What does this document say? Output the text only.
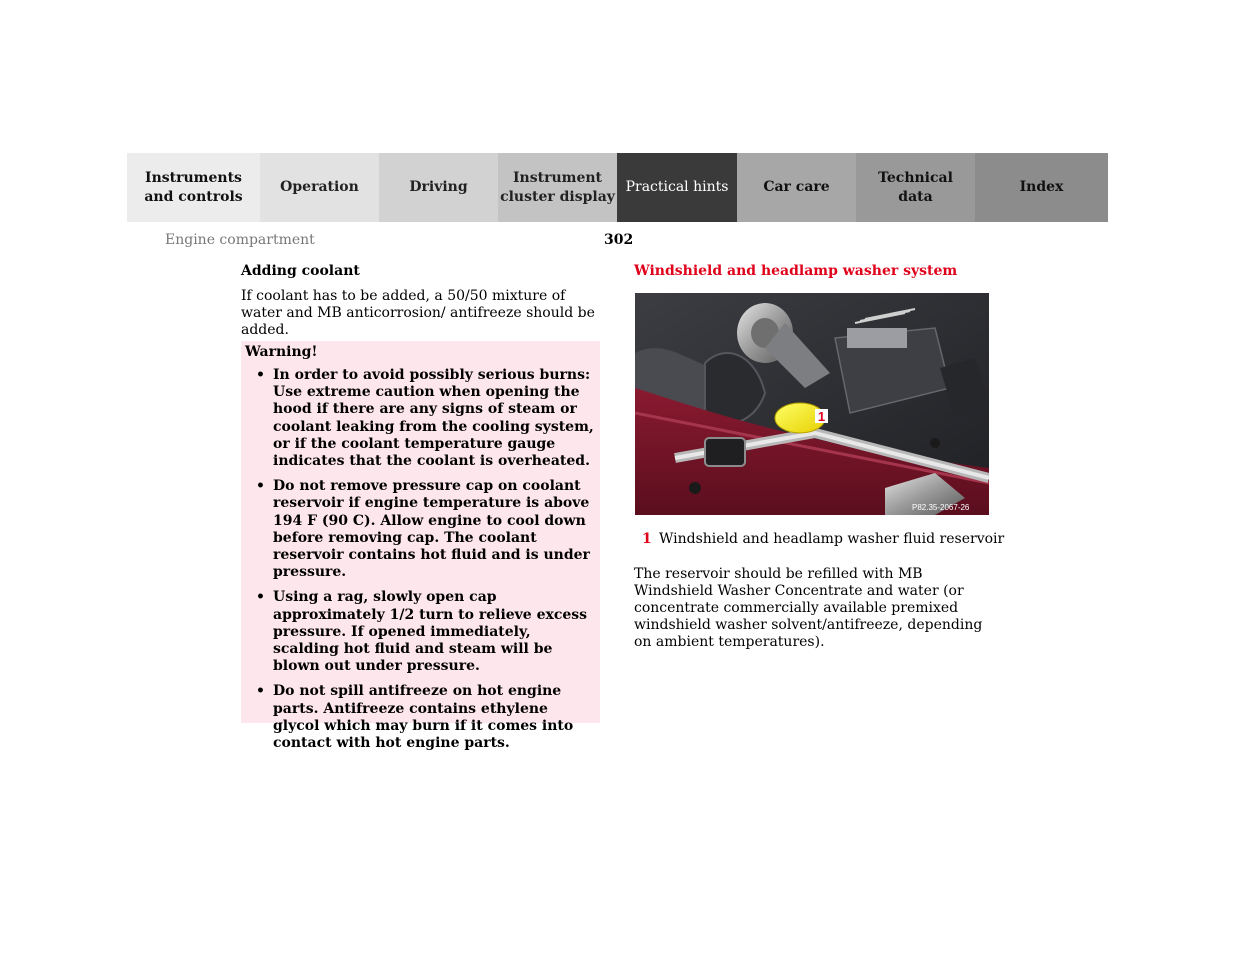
Instruments
and controls
Operation	Driving
Instrument
cluster display
Practical hints	Car care
Technical
data
Index
Engine compartment	302
Adding coolant
If coolant has to be added, a 50/50 mixture of water and MB anticorrosion/ antifreeze should be added.
Warning!
• In order to avoid possibly serious burns:
Use extreme caution when opening the hood if there are any signs of steam or coolant leaking from the cooling system, or if the coolant temperature gauge indicates that the coolant is overheated.
• Do not remove pressure cap on coolant reservoir if engine temperature is above 194 F (90 C). Allow engine to cool down before removing cap. The coolant reservoir contains hot fluid and is under pressure.
• Using a rag, slowly open cap approximately 1/2 turn to relieve excess pressure. If opened immediately, scalding hot fluid and steam will be blown out under pressure.
• Do not spill antifreeze on hot engine parts. Antifreeze contains ethylene glycol which may burn if it comes into contact with hot engine parts.
Windshield and headlamp washer system
1
P82.35-2067-26
1 Windshield and headlamp washer fluid reservoir
The reservoir should be refilled with MB Windshield Washer Concentrate and water (or concentrate commercially available premixed windshield washer solvent/antifreeze, depending on ambient temperatures).
